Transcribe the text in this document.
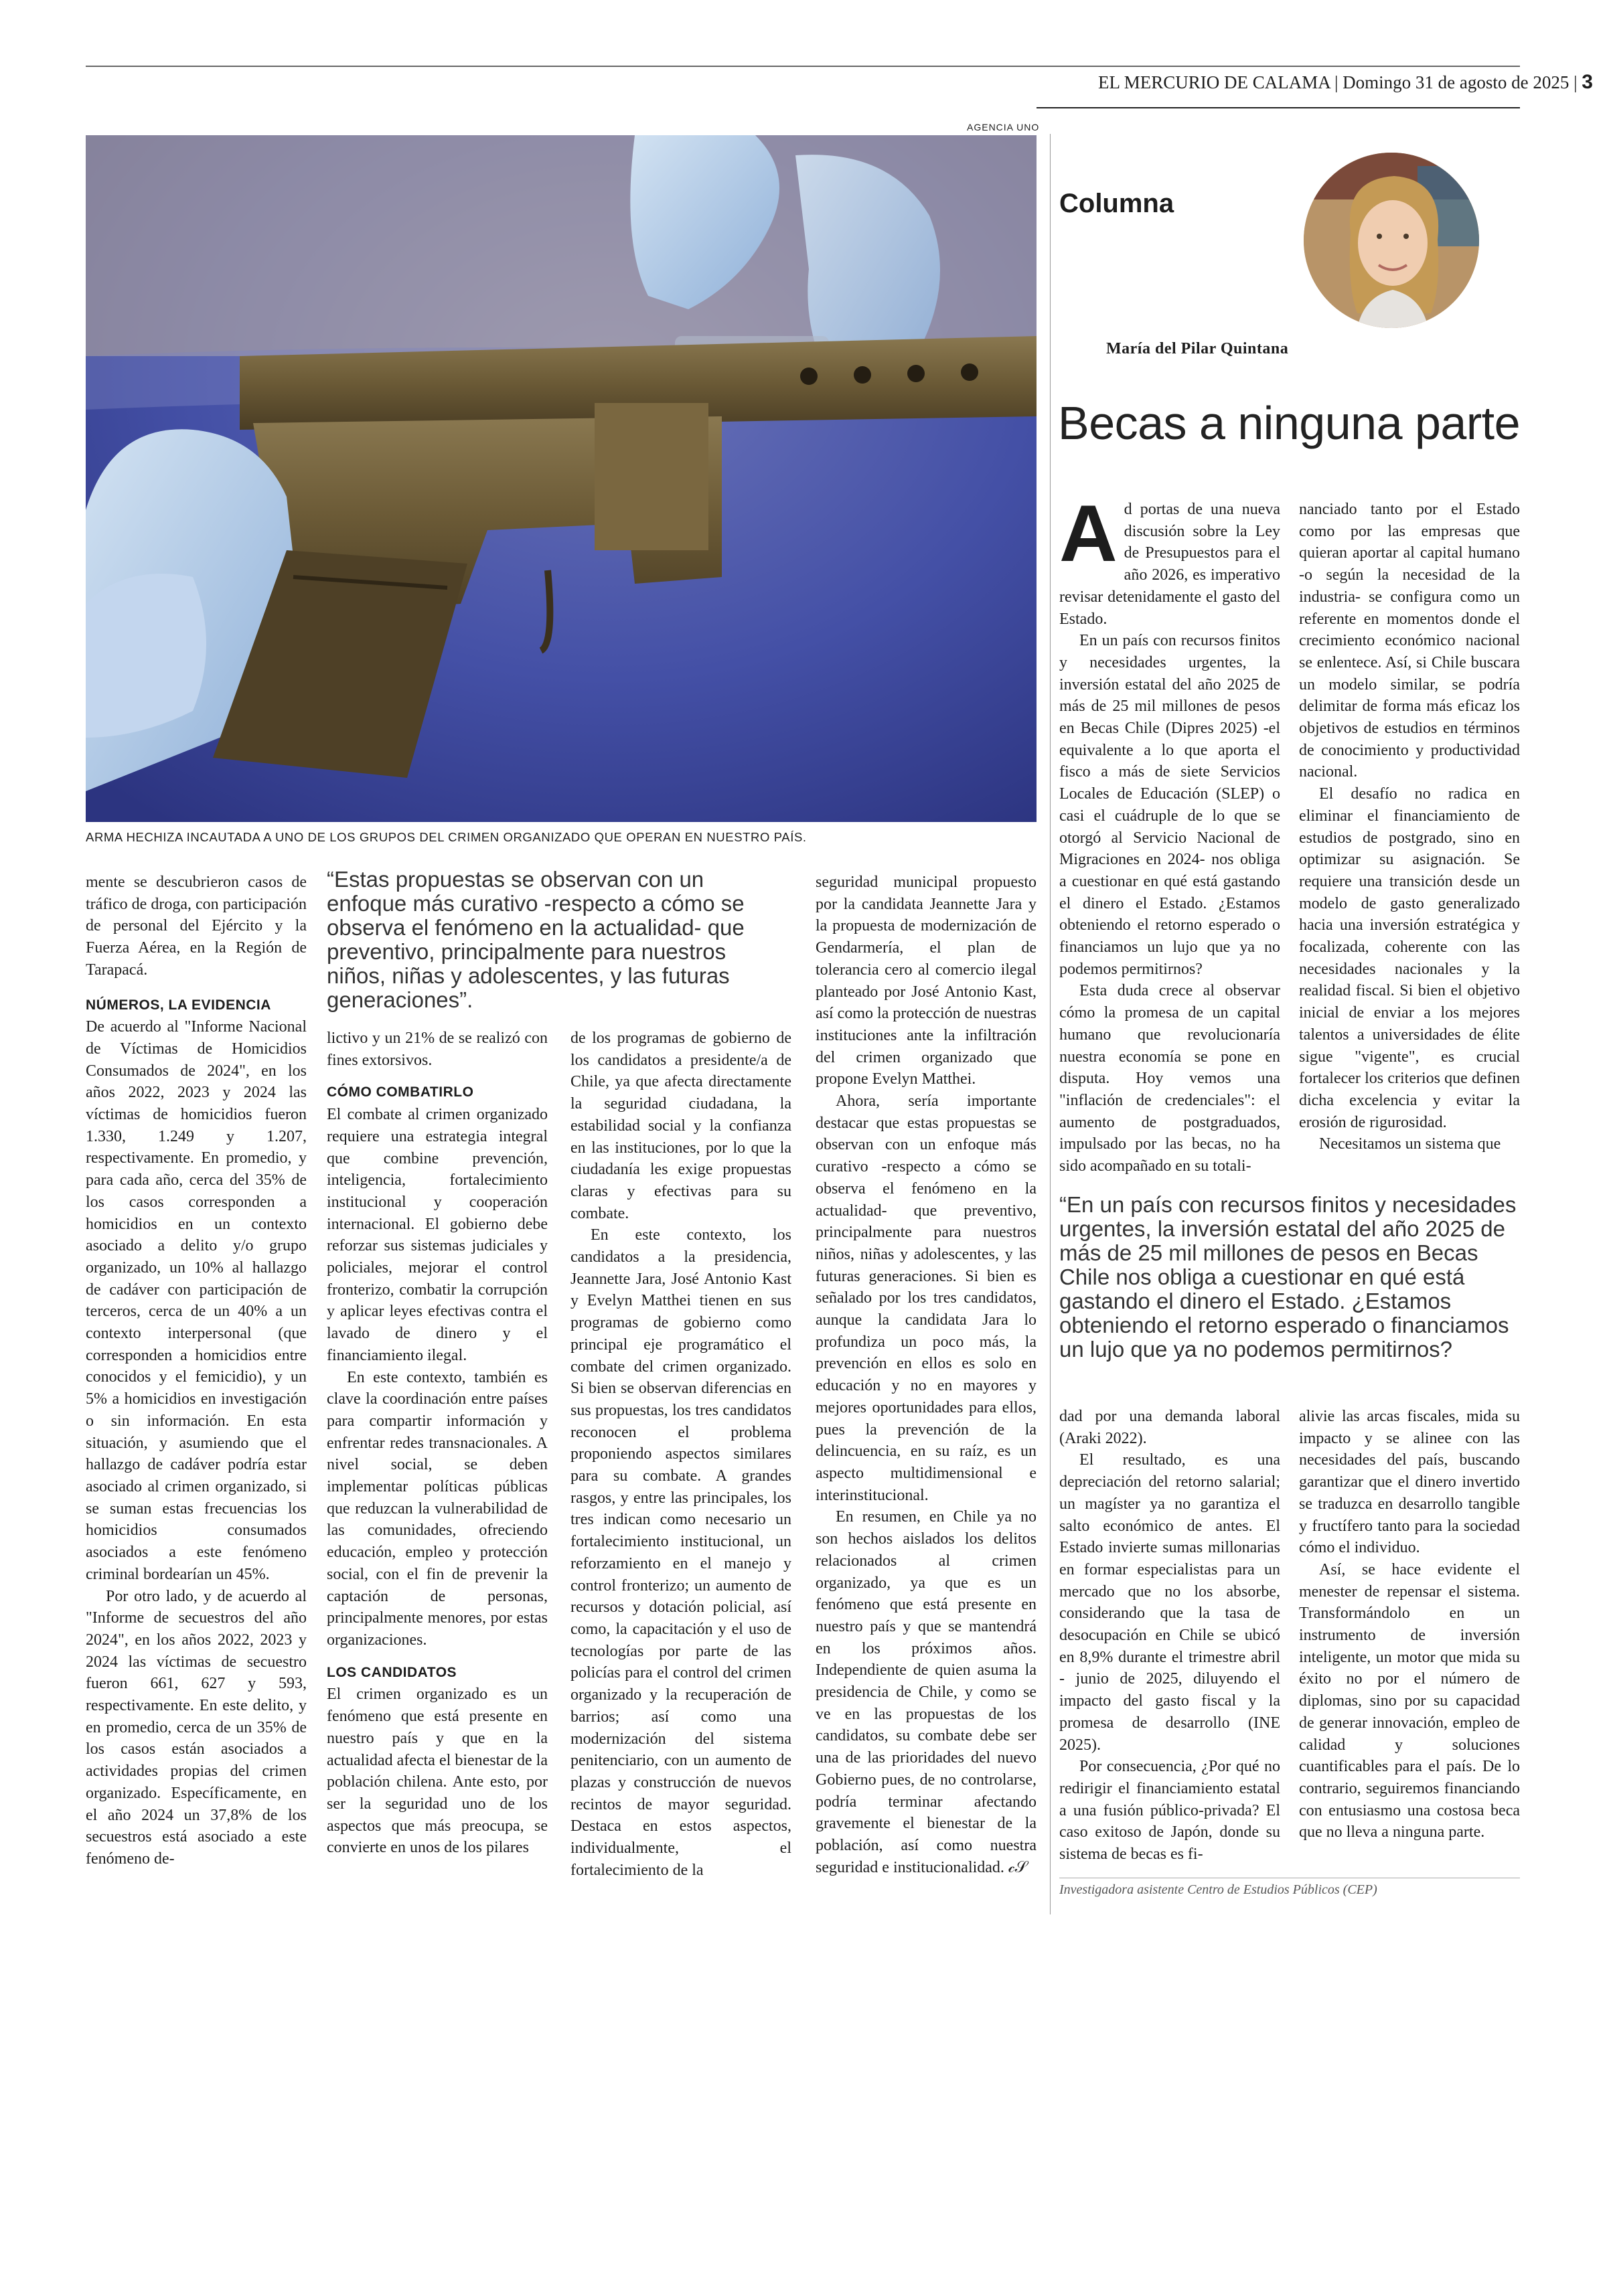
EL MERCURIO DE CALAMA | Domingo 31 de agosto de 2025 | 3
AGENCIA UNO
ARMA HECHIZA INCAUTADA A UNO DE LOS GRUPOS DEL CRIMEN ORGANIZADO QUE OPERAN EN NUESTRO PAÍS.

mente se descubrieron casos de tráfico de droga, con participación de personal del Ejército y la Fuerza Aérea, en la Región de Tarapacá.

NÚMEROS, LA EVIDENCIA

De acuerdo al "Informe Nacional de Víctimas de Homicidios Consumados de 2024", en los años 2022, 2023 y 2024 las víctimas de homicidios fueron 1.330, 1.249 y 1.207, respectivamente. En promedio, y para cada año, cerca del 35% de los casos corresponden a homicidios en un contexto asociado a delito y/o grupo organizado, un 10% al hallazgo de cadáver con participación de terceros, cerca de un 40% a un contexto interpersonal (que corresponden a homicidios entre conocidos y el femicidio), y un 5% a homicidios en investigación o sin información. En esta situación, y asumiendo que el hallazgo de cadáver podría estar asociado al crimen organizado, si se suman estas frecuencias los homicidios consumados asociados a este fenómeno criminal bordearían un 45%.

Por otro lado, y de acuerdo al "Informe de secuestros del año 2024", en los años 2022, 2023 y 2024 las víctimas de secuestro fueron 661, 627 y 593, respectivamente. En este delito, y en promedio, cerca de un 35% de los casos están asociados a actividades propias del crimen organizado. Específicamente, en el año 2024 un 37,8% de los secuestros está asociado a este fenómeno de-

“Estas propuestas se observan con un enfoque más curativo -respecto a cómo se observa el fenómeno en la actualidad- que preventivo, principalmente para nuestros niños, niñas y adolescentes, y las futuras generaciones”.

lictivo y un 21% de se realizó con fines extorsivos.

CÓMO COMBATIRLO

El combate al crimen organizado requiere una estrategia integral que combine prevención, inteligencia, fortalecimiento institucional y cooperación internacional. El gobierno debe reforzar sus sistemas judiciales y policiales, mejorar el control fronterizo, combatir la corrupción y aplicar leyes efectivas contra el lavado de dinero y el financiamiento ilegal.

En este contexto, también es clave la coordinación entre países para compartir información y enfrentar redes transnacionales. A nivel social, se deben implementar políticas públicas que reduzcan la vulnerabilidad de las comunidades, ofreciendo educación, empleo y protección social, con el fin de prevenir la captación de personas, principalmente menores, por estas organizaciones.

LOS CANDIDATOS

El crimen organizado es un fenómeno que está presente en nuestro país y que en la actualidad afecta el bienestar de la población chilena. Ante esto, por ser la seguridad uno de los aspectos que más preocupa, se convierte en unos de los pilares

de los programas de gobierno de los candidatos a presidente/a de Chile, ya que afecta directamente la seguridad ciudadana, la estabilidad social y la confianza en las instituciones, por lo que la ciudadanía les exige propuestas claras y efectivas para su combate.

En este contexto, los candidatos a la presidencia, Jeannette Jara, José Antonio Kast y Evelyn Matthei tienen en sus programas de gobierno como principal eje programático el combate del crimen organizado. Si bien se observan diferencias en sus propuestas, los tres candidatos reconocen el problema proponiendo aspectos similares para su combate. A grandes rasgos, y entre las principales, los tres indican como necesario un fortalecimiento institucional, un reforzamiento en el manejo y control fronterizo; un aumento de recursos y dotación policial, así como, la capacitación y el uso de tecnologías por parte de las policías para el control del crimen organizado y la recuperación de barrios; así como una modernización del sistema penitenciario, con un aumento de plazas y construcción de nuevos recintos de mayor seguridad. Destaca en estos aspectos, individualmente, el fortalecimiento de la

seguridad municipal propuesto por la candidata Jeannette Jara y la propuesta de modernización de Gendarmería, el plan de tolerancia cero al comercio ilegal planteado por José Antonio Kast, así como la protección de nuestras instituciones ante la infiltración del crimen organizado que propone Evelyn Matthei.

Ahora, sería importante destacar que estas propuestas se observan con un enfoque más curativo -respecto a cómo se observa el fenómeno en la actualidad- que preventivo, principalmente para nuestros niños, niñas y adolescentes, y las futuras generaciones. Si bien es señalado por los tres candidatos, aunque la candidata Jara lo profundiza un poco más, la prevención en ellos es solo en educación y no en mayores y mejores oportunidades para ellos, pues la prevención de la delincuencia, en su raíz, es un aspecto multidimensional e interinstitucional.

En resumen, en Chile ya no son hechos aislados los delitos relacionados al crimen organizado, ya que es un fenómeno que está presente en nuestro país y que se mantendrá en los próximos años. Independiente de quien asuma la presidencia de Chile, y como se ve en las propuestas de los candidatos, su combate debe ser una de las prioridades del nuevo Gobierno pues, de no controlarse, podría terminar afectando gravemente el bienestar de la población, así como nuestra seguridad e institucionalidad. 𝒸𝒮

Columna
María del Pilar Quintana
Becas a ninguna parte

Ad portas de una nueva discusión sobre la Ley de Presupuestos para el año 2026, es imperativo revisar detenidamente el gasto del Estado.

En un país con recursos finitos y necesidades urgentes, la inversión estatal del año 2025 de más de 25 mil millones de pesos en Becas Chile (Dipres 2025) -el equivalente a lo que aporta el fisco a más de siete Servicios Locales de Educación (SLEP) o casi el cuádruple de lo que se otorgó al Servicio Nacional de Migraciones en 2024- nos obliga a cuestionar en qué está gastando el dinero el Estado. ¿Estamos obteniendo el retorno esperado o financiamos un lujo que ya no podemos permitirnos?

Esta duda crece al observar cómo la promesa de un capital humano que revolucionaría nuestra economía se pone en disputa. Hoy vemos una "inflación de credenciales": el aumento de postgraduados, impulsado por las becas, no ha sido acompañado en su totali-

nanciado tanto por el Estado como por las empresas que quieran aportar al capital humano -o según la necesidad de la industria- se configura como un referente en momentos donde el crecimiento económico nacional se enlentece. Así, si Chile buscara un modelo similar, se podría delimitar de forma más eficaz los objetivos de estudios en términos de conocimiento y productividad nacional.

El desafío no radica en eliminar el financiamiento de estudios de postgrado, sino en optimizar su asignación. Se requiere una transición desde un modelo de gasto generalizado hacia una inversión estratégica y focalizada, coherente con las necesidades nacionales y la realidad fiscal. Si bien el objetivo inicial de enviar a los mejores talentos a universidades de élite sigue "vigente", es crucial fortalecer los criterios que definen dicha excelencia y evitar la erosión de rigurosidad.

Necesitamos un sistema que

“En un país con recursos finitos y necesidades urgentes, la inversión estatal del año 2025 de más de 25 mil millones de pesos en Becas Chile nos obliga a cuestionar en qué está gastando el dinero el Estado. ¿Estamos obteniendo el retorno esperado o financiamos un lujo que ya no podemos permitirnos?

dad por una demanda laboral (Araki 2022).

El resultado, es una depreciación del retorno salarial; un magíster ya no garantiza el salto económico de antes. El Estado invierte sumas millonarias en formar especialistas para un mercado que no los absorbe, considerando que la tasa de desocupación en Chile se ubicó en 8,9% durante el trimestre abril - junio de 2025, diluyendo el impacto del gasto fiscal y la promesa de desarrollo (INE 2025).

Por consecuencia, ¿Por qué no redirigir el financiamiento estatal a una fusión público-privada? El caso exitoso de Japón, donde su sistema de becas es fi-

alivie las arcas fiscales, mida su impacto y se alinee con las necesidades del país, buscando garantizar que el dinero invertido se traduzca en desarrollo tangible y fructífero tanto para la sociedad cómo el individuo.

Así, se hace evidente el menester de repensar el sistema. Transformándolo en un instrumento de inversión inteligente, un motor que mida su éxito no por el número de diplomas, sino por su capacidad de generar innovación, empleo de calidad y soluciones cuantificables para el país. De lo contrario, seguiremos financiando con entusiasmo una costosa beca que no lleva a ninguna parte.

Investigadora asistente Centro de Estudios Públicos (CEP)
